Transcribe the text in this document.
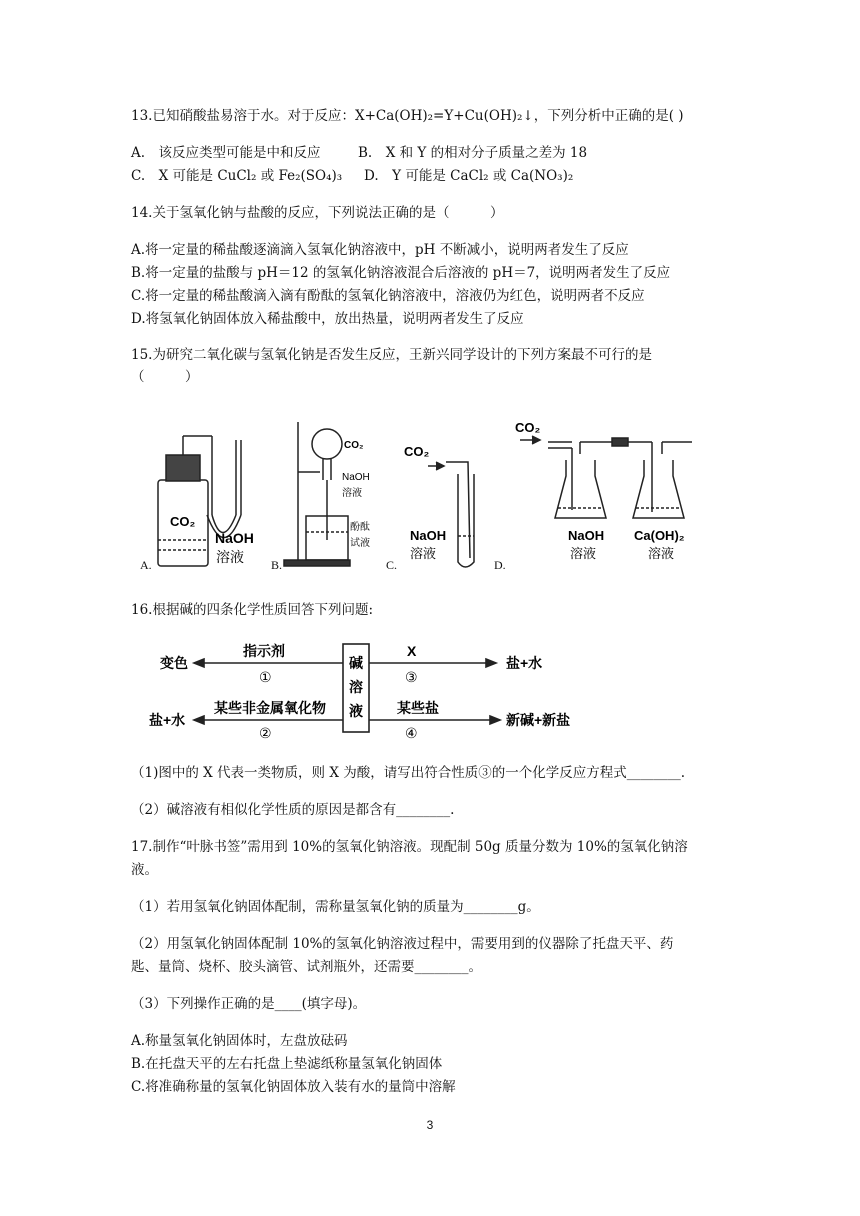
13.已知硝酸盐易溶于水。对于反应：X+Ca(OH)₂=Y+Cu(OH)₂↓，下列分析中正确的是( )
A.　该反应类型可能是中和反应	B.　X 和 Y 的相对分子质量之差为 18
C.　X 可能是 CuCl₂ 或 Fe₂(SO₄)₃ D.　Y 可能是 CaCl₂ 或 Ca(NO₃)₂
14.关于氢氧化钠与盐酸的反应，下列说法正确的是（　　　）
A.将一定量的稀盐酸逐滴滴入氢氧化钠溶液中，pH 不断减小，说明两者发生了反应
B.将一定量的盐酸与 pH＝12 的氢氧化钠溶液混合后溶液的 pH＝7，说明两者发生了反应
C.将一定量的稀盐酸滴入滴有酚酞的氢氧化钠溶液中，溶液仍为红色，说明两者不反应
D.将氢氧化钠固体放入稀盐酸中，放出热量，说明两者发生了反应
15.为研究二氧化碳与氢氧化钠是否发生反应，王新兴同学设计的下列方案最不可行的是
（　　　）
CO₂
NaOH
溶液
CO₂
NaOH
溶液
酚酞
试液
CO₂
NaOH
溶液
CO₂
NaOH
溶液
Ca(OH)₂
溶液
A.	B.	C.	D.
16.根据碱的四条化学性质回答下列问题:
碱
溶
液
变色
指示剂
①
盐+水
某些非金属氧化物
②
X
③
盐+水
某些盐
④
新碱+新盐
（1)图中的 X 代表一类物质，则 X 为酸，请写出符合性质③的一个化学反应方程式________.
（2）碱溶液有相似化学性质的原因是都含有________.
17.制作“叶脉书签”需用到 10%的氢氧化钠溶液。现配制 50g 质量分数为 10%的氢氧化钠溶
液。
（1）若用氢氧化钠固体配制，需称量氢氧化钠的质量为________g。
（2）用氢氧化钠固体配制 10%的氢氧化钠溶液过程中，需要用到的仪器除了托盘天平、药
匙、量筒、烧杯、胶头滴管、试剂瓶外，还需要________。
（3）下列操作正确的是____(填字母)。
A.称量氢氧化钠固体时，左盘放砝码
B.在托盘天平的左右托盘上垫滤纸称量氢氧化钠固体
C.将准确称量的氢氧化钠固体放入装有水的量筒中溶解
3
